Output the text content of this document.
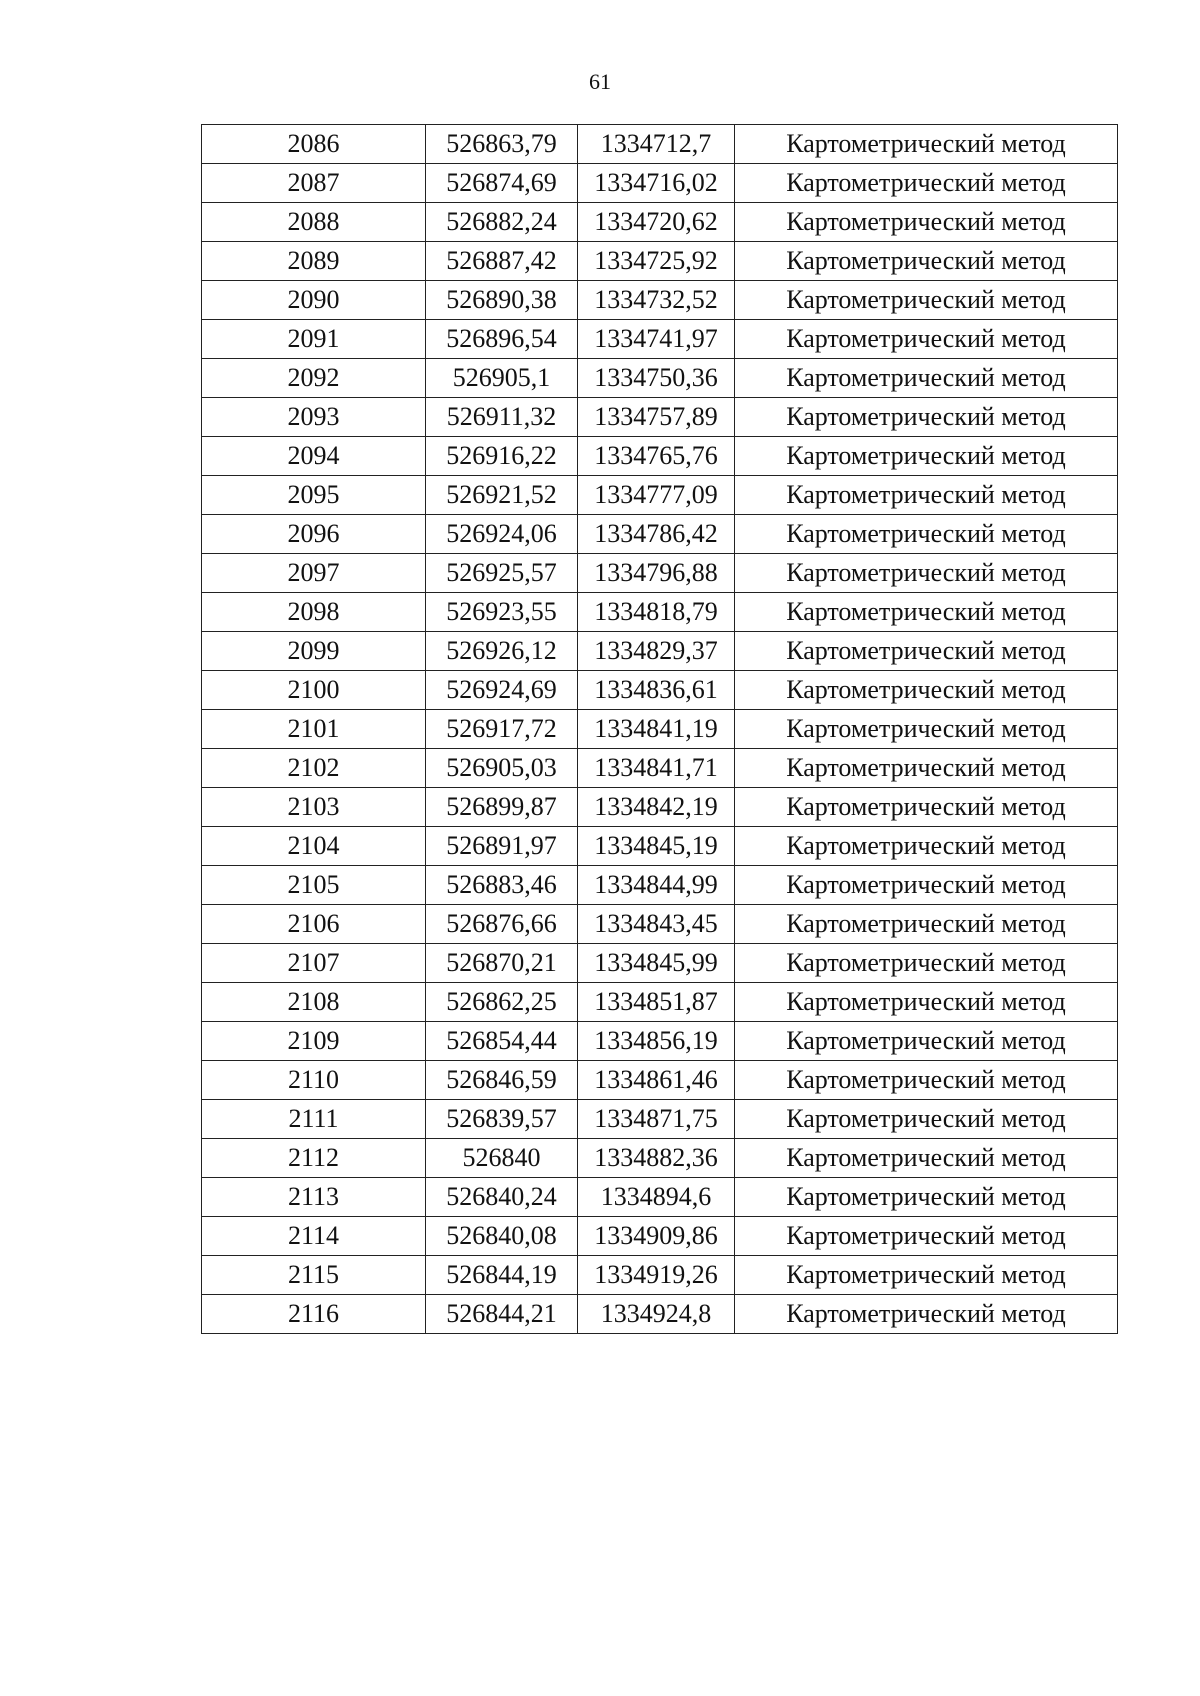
61
2086	526863,79	1334712,7	Картометрический метод
2087	526874,69	1334716,02	Картометрический метод
2088	526882,24	1334720,62	Картометрический метод
2089	526887,42	1334725,92	Картометрический метод
2090	526890,38	1334732,52	Картометрический метод
2091	526896,54	1334741,97	Картометрический метод
2092	526905,1	1334750,36	Картометрический метод
2093	526911,32	1334757,89	Картометрический метод
2094	526916,22	1334765,76	Картометрический метод
2095	526921,52	1334777,09	Картометрический метод
2096	526924,06	1334786,42	Картометрический метод
2097	526925,57	1334796,88	Картометрический метод
2098	526923,55	1334818,79	Картометрический метод
2099	526926,12	1334829,37	Картометрический метод
2100	526924,69	1334836,61	Картометрический метод
2101	526917,72	1334841,19	Картометрический метод
2102	526905,03	1334841,71	Картометрический метод
2103	526899,87	1334842,19	Картометрический метод
2104	526891,97	1334845,19	Картометрический метод
2105	526883,46	1334844,99	Картометрический метод
2106	526876,66	1334843,45	Картометрический метод
2107	526870,21	1334845,99	Картометрический метод
2108	526862,25	1334851,87	Картометрический метод
2109	526854,44	1334856,19	Картометрический метод
2110	526846,59	1334861,46	Картометрический метод
2111	526839,57	1334871,75	Картометрический метод
2112	526840	1334882,36	Картометрический метод
2113	526840,24	1334894,6	Картометрический метод
2114	526840,08	1334909,86	Картометрический метод
2115	526844,19	1334919,26	Картометрический метод
2116	526844,21	1334924,8	Картометрический метод
